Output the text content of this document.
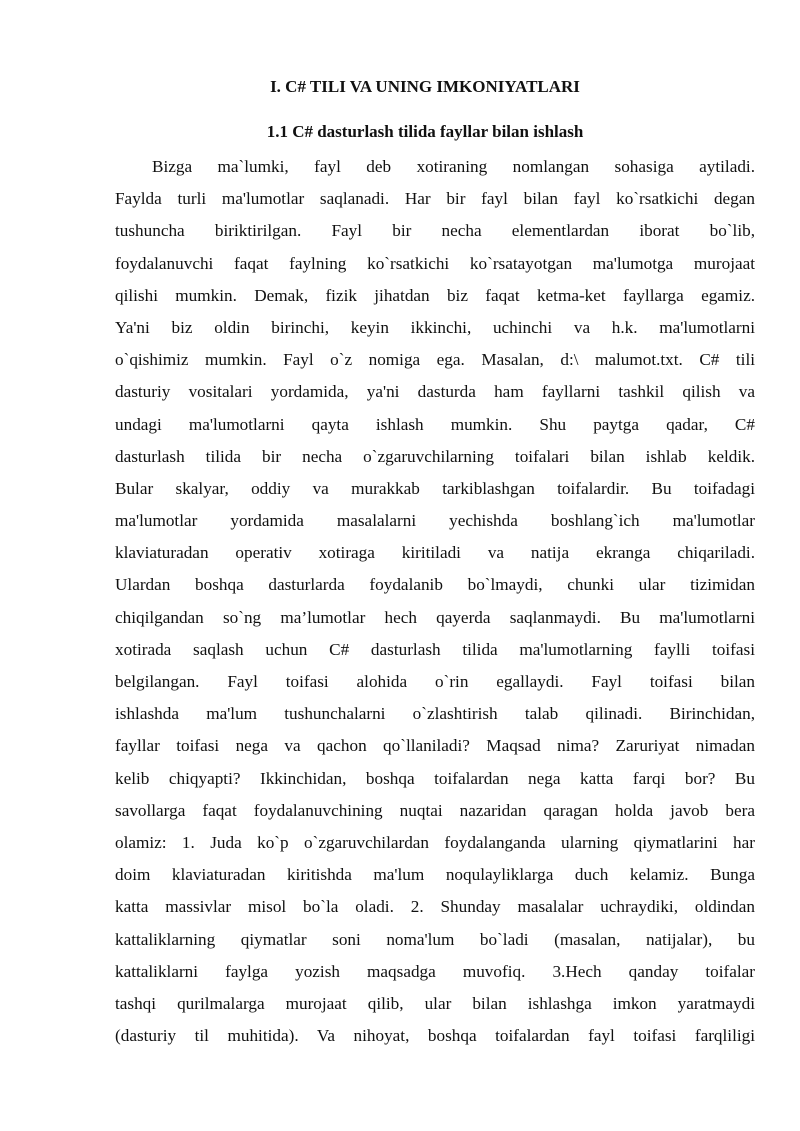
I. C# TILI VA UNING IMKONIYATLARI
1.1 C# dasturlash tilida fayllar bilan ishlash
Bizga ma`lumki, fayl deb xotiraning nomlangan sohasiga aytiladi.
Faylda turli ma'lumotlar saqlanadi. Har bir fayl bilan fayl ko`rsatkichi degan
tushuncha biriktirilgan. Fayl bir necha elementlardan iborat bo`lib,
foydalanuvchi faqat faylning ko`rsatkichi ko`rsatayotgan ma'lumotga murojaat
qilishi mumkin. Demak, fizik jihatdan biz faqat ketma-ket fayllarga egamiz.
Ya'ni biz oldin birinchi, keyin ikkinchi, uchinchi va h.k. ma'lumotlarni
o`qishimiz mumkin. Fayl o`z nomiga ega. Masalan, d:\ malumot.txt. C# tili
dasturiy vositalari yordamida, ya'ni dasturda ham fayllarni tashkil qilish va
undagi ma'lumotlarni qayta ishlash mumkin. Shu paytga qadar, C#
dasturlash tilida bir necha o`zgaruvchilarning toifalari bilan ishlab keldik.
Bular skalyar, oddiy va murakkab tarkiblashgan toifalardir. Bu toifadagi
ma'lumotlar yordamida masalalarni yechishda boshlang`ich ma'lumotlar
klaviaturadan operativ xotiraga kiritiladi va natija ekranga chiqariladi.
Ulardan boshqa dasturlarda foydalanib bo`lmaydi, chunki ular tizimidan
chiqilgandan so`ng ma’lumotlar hech qayerda saqlanmaydi. Bu ma'lumotlarni
xotirada saqlash uchun C# dasturlash tilida ma'lumotlarning faylli toifasi
belgilangan. Fayl toifasi alohida o`rin egallaydi. Fayl toifasi bilan
ishlashda ma'lum tushunchalarni o`zlashtirish talab qilinadi. Birinchidan,
fayllar toifasi nega va qachon qo`llaniladi? Maqsad nima? Zaruriyat nimadan
kelib chiqyapti? Ikkinchidan, boshqa toifalardan nega katta farqi bor? Bu
savollarga faqat foydalanuvchining nuqtai nazaridan qaragan holda javob bera
olamiz: 1. Juda ko`p o`zgaruvchilardan foydalanganda ularning qiymatlarini har
doim klaviaturadan kiritishda ma'lum noqulayliklarga duch kelamiz. Bunga
katta massivlar misol bo`la oladi. 2. Shunday masalalar uchraydiki, oldindan
kattaliklarning qiymatlar soni noma'lum bo`ladi (masalan, natijalar), bu
kattaliklarni faylga yozish maqsadga muvofiq. 3.Hech qanday toifalar
tashqi qurilmalarga murojaat qilib, ular bilan ishlashga imkon yaratmaydi
(dasturiy til muhitida). Va nihoyat, boshqa toifalardan fayl toifasi farqliligi
